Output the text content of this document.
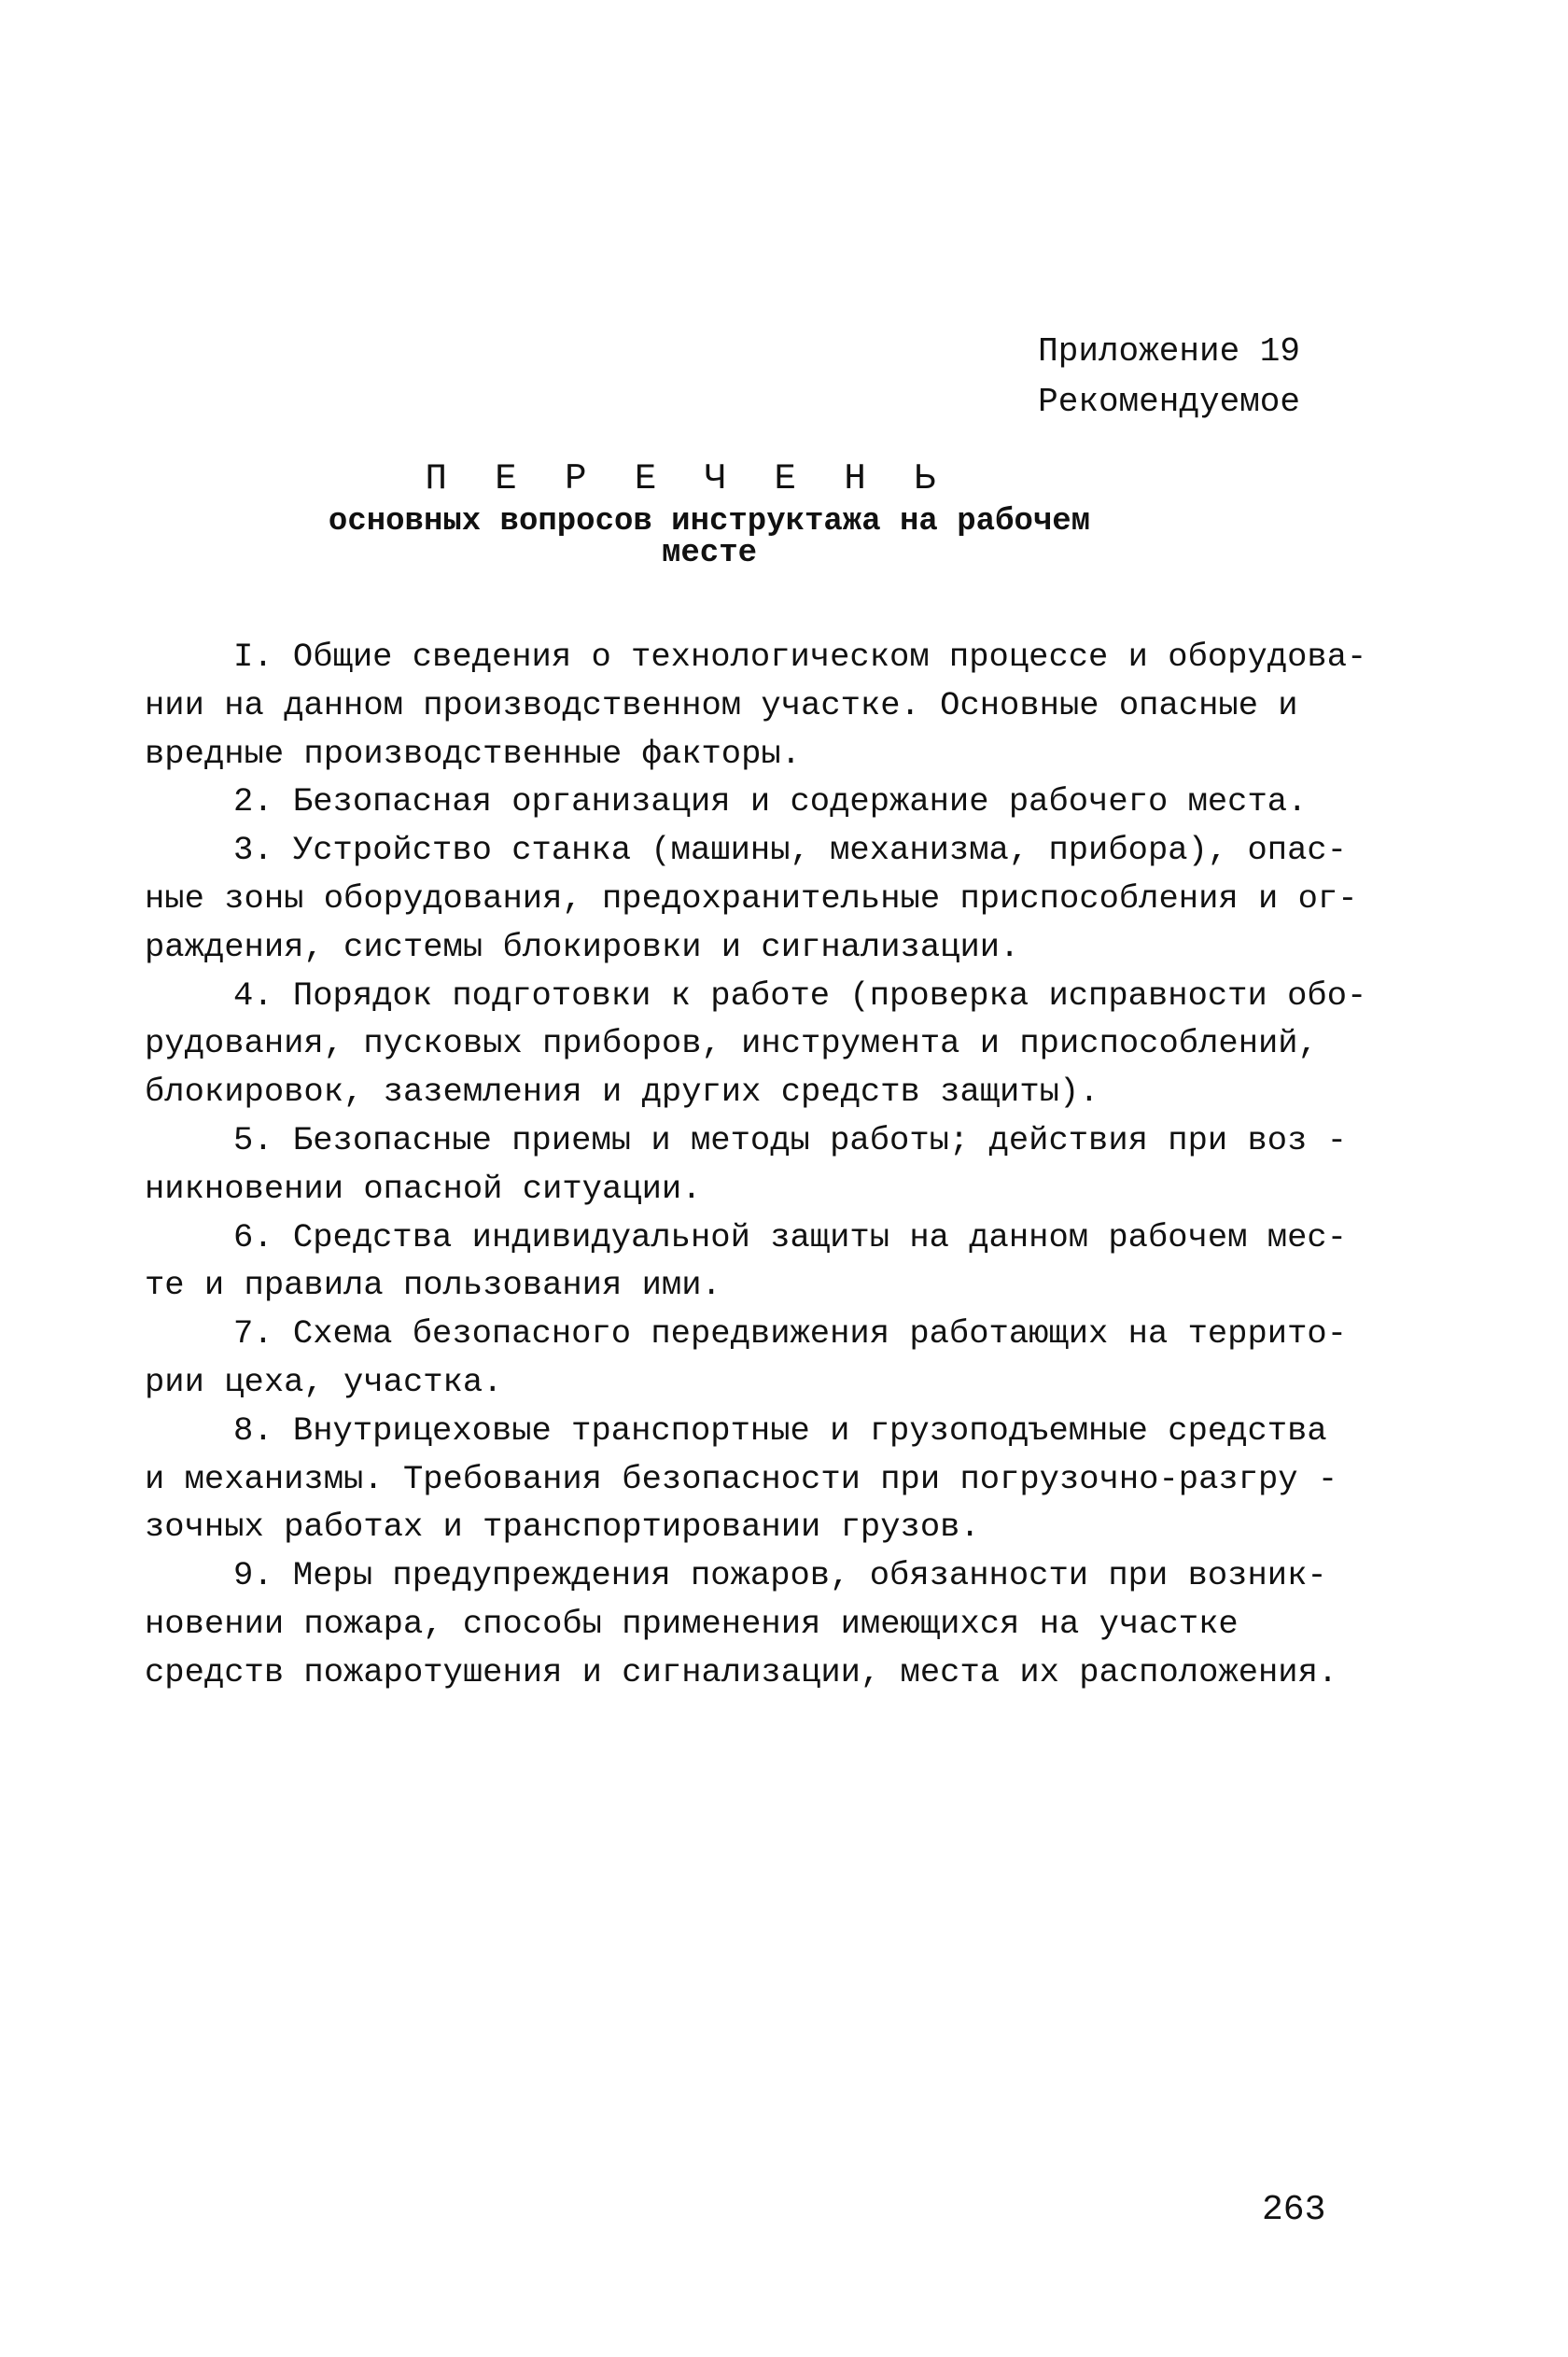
Приложение 19
Рекомендуемое
П Е Р Е Ч Е Н Ь
основных вопросов инструктажа на рабочем
месте
I. Общие сведения о технологическом процессе и оборудова-
нии на данном производственном участке. Основные опасные и
вредные производственные факторы.
2. Безопасная организация и содержание рабочего места.
3. Устройство станка (машины, механизма, прибора), опас-
ные зоны оборудования, предохранительные приспособления и ог-
раждения, системы блокировки и сигнализации.
4. Порядок подготовки к работе (проверка исправности обо-
рудования, пусковых приборов, инструмента и приспособлений,
блокировок, заземления и других средств защиты).
5. Безопасные приемы и методы работы; действия при воз -
никновении опасной ситуации.
6. Средства индивидуальной защиты на данном рабочем мес-
те и правила пользования ими.
7. Схема безопасного передвижения работающих на террито-
рии цеха, участка.
8. Внутрицеховые транспортные и грузоподъемные средства
и механизмы. Требования безопасности при погрузочно-разгру -
зочных работах и транспортировании грузов.
9. Меры предупреждения пожаров, обязанности при возник-
новении пожара, способы применения имеющихся на участке
средств пожаротушения и сигнализации, места их расположения.
263
